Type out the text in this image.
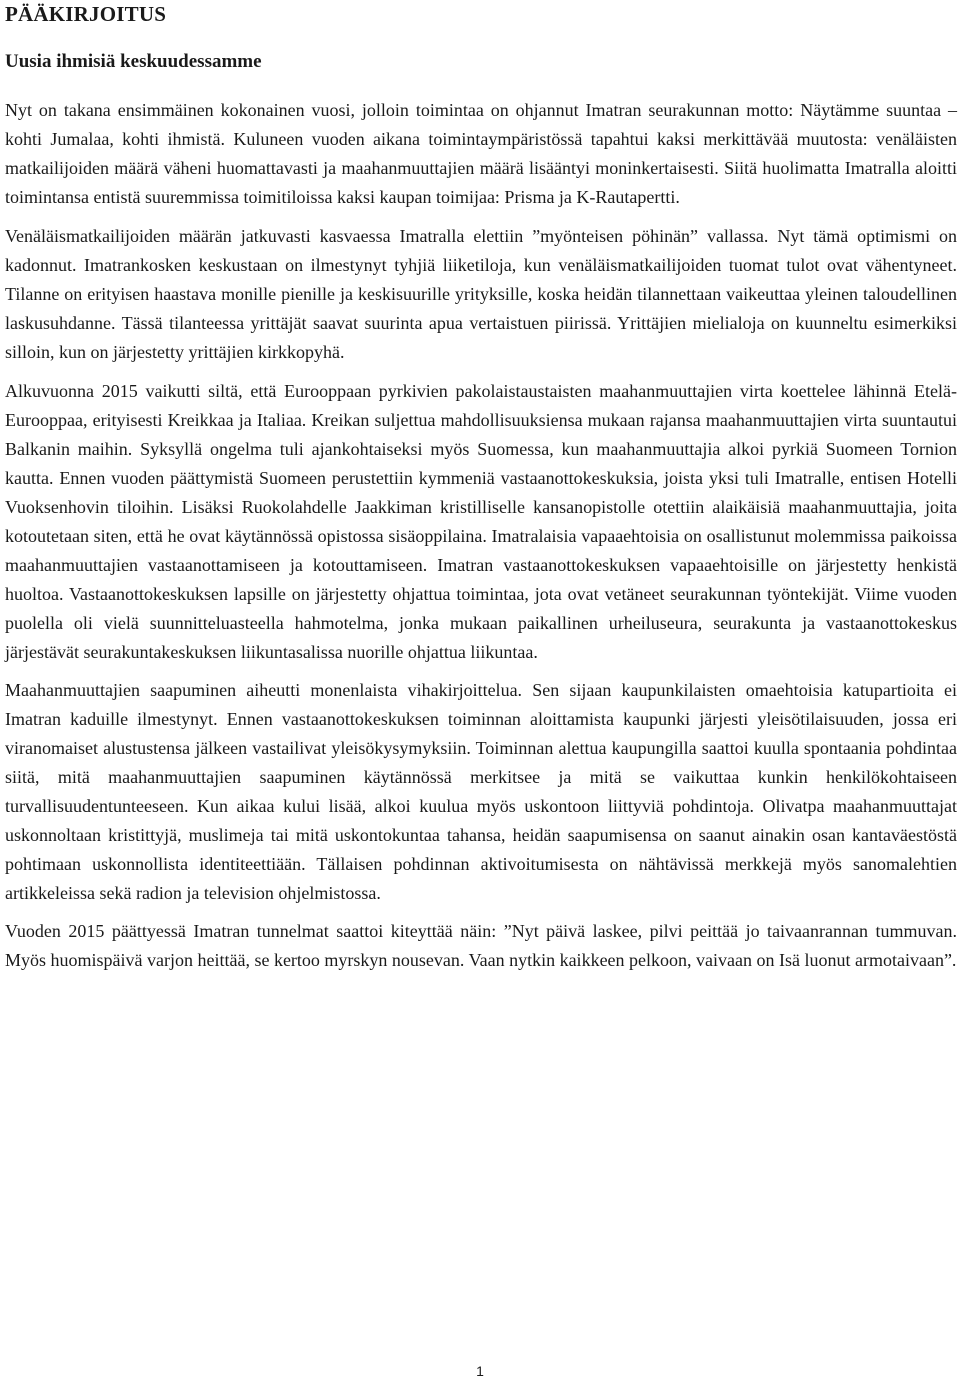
PÄÄKIRJOITUS
Uusia ihmisiä keskuudessamme

Nyt on takana ensimmäinen kokonainen vuosi, jolloin toimintaa on ohjannut Imatran seurakunnan motto: Näytämme suuntaa – kohti Jumalaa, kohti ihmistä. Kuluneen vuoden aikana toimintaympäristössä tapahtui kaksi merkittävää muutosta: venäläisten matkailijoiden määrä väheni huomattavasti ja maahanmuuttajien määrä lisääntyi moninkertaisesti. Siitä huolimatta Imatralla aloitti toimintansa entistä suuremmissa toimitiloissa kaksi kaupan toimijaa: Prisma ja K-Rautapertti.

Venäläismatkailijoiden määrän jatkuvasti kasvaessa Imatralla elettiin ”myönteisen pöhinän” vallassa. Nyt tämä optimismi on kadonnut. Imatrankosken keskustaan on ilmestynyt tyhjiä liiketiloja, kun venäläismatkailijoiden tuomat tulot ovat vähentyneet. Tilanne on erityisen haastava monille pienille ja keskisuurille yrityksille, koska heidän tilannettaan vaikeuttaa yleinen taloudellinen laskusuhdanne. Tässä tilanteessa yrittäjät saavat suurinta apua vertaistuen piirissä. Yrittäjien mielialoja on kuunneltu esimerkiksi silloin, kun on järjestetty yrittäjien kirkkopyhä.

Alkuvuonna 2015 vaikutti siltä, että Eurooppaan pyrkivien pakolaistaustaisten maahanmuuttajien virta koettelee lähinnä Etelä-Eurooppaa, erityisesti Kreikkaa ja Italiaa. Kreikan suljettua mahdollisuuksiensa mukaan rajansa maahanmuuttajien virta suuntautui Balkanin maihin. Syksyllä ongelma tuli ajankohtaiseksi myös Suomessa, kun maahanmuuttajia alkoi pyrkiä Suomeen Tornion kautta. Ennen vuoden päättymistä Suomeen perustettiin kymmeniä vastaanottokeskuksia, joista yksi tuli Imatralle, entisen Hotelli Vuoksenhovin tiloihin. Lisäksi Ruokolahdelle Jaakkiman kristilliselle kansanopistolle otettiin alaikäisiä maahanmuuttajia, joita kotoutetaan siten, että he ovat käytännössä opistossa sisäoppilaina. Imatralaisia vapaaehtoisia on osallistunut molemmissa paikoissa maahanmuuttajien vastaanottamiseen ja kotouttamiseen. Imatran vastaanottokeskuksen vapaaehtoisille on järjestetty henkistä huoltoa. Vastaanottokeskuksen lapsille on järjestetty ohjattua toimintaa, jota ovat vetäneet seurakunnan työntekijät. Viime vuoden puolella oli vielä suunnitteluasteella hahmotelma, jonka mukaan paikallinen urheiluseura, seurakunta ja vastaanottokeskus järjestävät seurakuntakeskuksen liikuntasalissa nuorille ohjattua liikuntaa.

Maahanmuuttajien saapuminen aiheutti monenlaista vihakirjoittelua. Sen sijaan kaupunkilaisten omaehtoisia katupartioita ei Imatran kaduille ilmestynyt. Ennen vastaanottokeskuksen toiminnan aloittamista kaupunki järjesti yleisötilaisuuden, jossa eri viranomaiset alustustensa jälkeen vastailivat yleisökysymyksiin. Toiminnan alettua kaupungilla saattoi kuulla spontaania pohdintaa siitä, mitä maahanmuuttajien saapuminen käytännössä merkitsee ja mitä se vaikuttaa kunkin henkilökohtaiseen turvallisuudentunteeseen. Kun aikaa kului lisää, alkoi kuulua myös uskontoon liittyviä pohdintoja. Olivatpa maahanmuuttajat uskonnoltaan kristittyjä, muslimeja tai mitä uskontokuntaa tahansa, heidän saapumisensa on saanut ainakin osan kantaväestöstä pohtimaan uskonnollista identiteettiään. Tällaisen pohdinnan aktivoitumisesta on nähtävissä merkkejä myös sanomalehtien artikkeleissa sekä radion ja television ohjelmistossa.

Vuoden 2015 päättyessä Imatran tunnelmat saattoi kiteyttää näin: ”Nyt päivä laskee, pilvi peittää jo taivaanrannan tummuvan. Myös huomispäivä varjon heittää, se kertoo myrskyn nousevan. Vaan nytkin kaikkeen pelkoon, vaivaan on Isä luonut armotaivaan”.

1
